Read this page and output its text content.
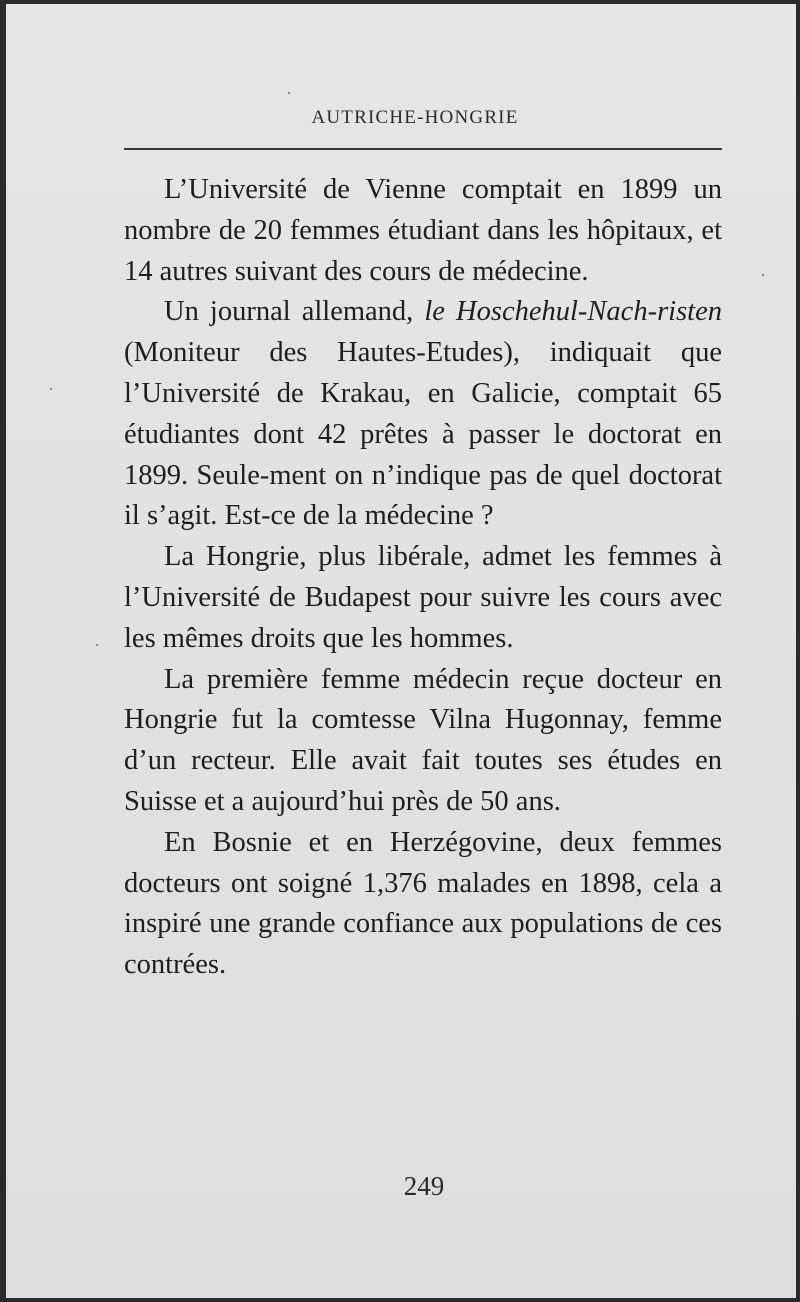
AUTRICHE-HONGRIE

L’Université de Vienne comptait en 1899 un nombre de 20 femmes étudiant dans les hôpitaux, et 14 autres suivant des cours de médecine.

Un journal allemand, le Hoschehul-Nach-risten (Moniteur des Hautes-Etudes), indiquait que l’Université de Krakau, en Galicie, comptait 65 étudiantes dont 42 prêtes à passer le doctorat en 1899. Seule-ment on n’indique pas de quel doctorat il s’agit. Est-ce de la médecine ?

La Hongrie, plus libérale, admet les femmes à l’Université de Budapest pour suivre les cours avec les mêmes droits que les hommes.

La première femme médecin reçue docteur en Hongrie fut la comtesse Vilna Hugonnay, femme d’un recteur. Elle avait fait toutes ses études en Suisse et a aujourd’hui près de 50 ans.

En Bosnie et en Herzégovine, deux femmes docteurs ont soigné 1,376 malades en 1898, cela a inspiré une grande confiance aux populations de ces contrées.

249
